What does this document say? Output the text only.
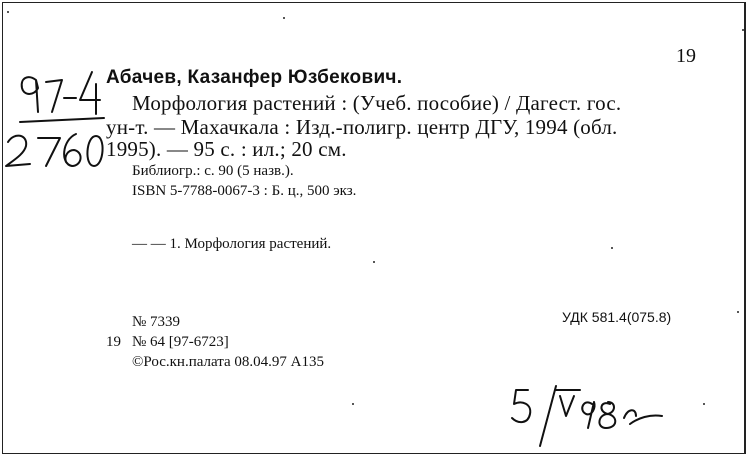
19
Абачев, Казанфер Юзбекович.
Морфология растений : (Учеб. пособие) / Дагест. гос.
ун-т. — Махачкала : Изд.-полигр. центр ДГУ, 1994 (обл.
1995). — 95 с. : ил.; 20 см.
Библиогр.: с. 90 (5 назв.).
ISBN 5-7788-0067-3 : Б. ц., 500 экз.
— — 1. Морфология растений.
№ 7339	УДК 581.4(075.8)
19 № 64 [97-6723]
©Рос.кн.палата 08.04.97 А135
